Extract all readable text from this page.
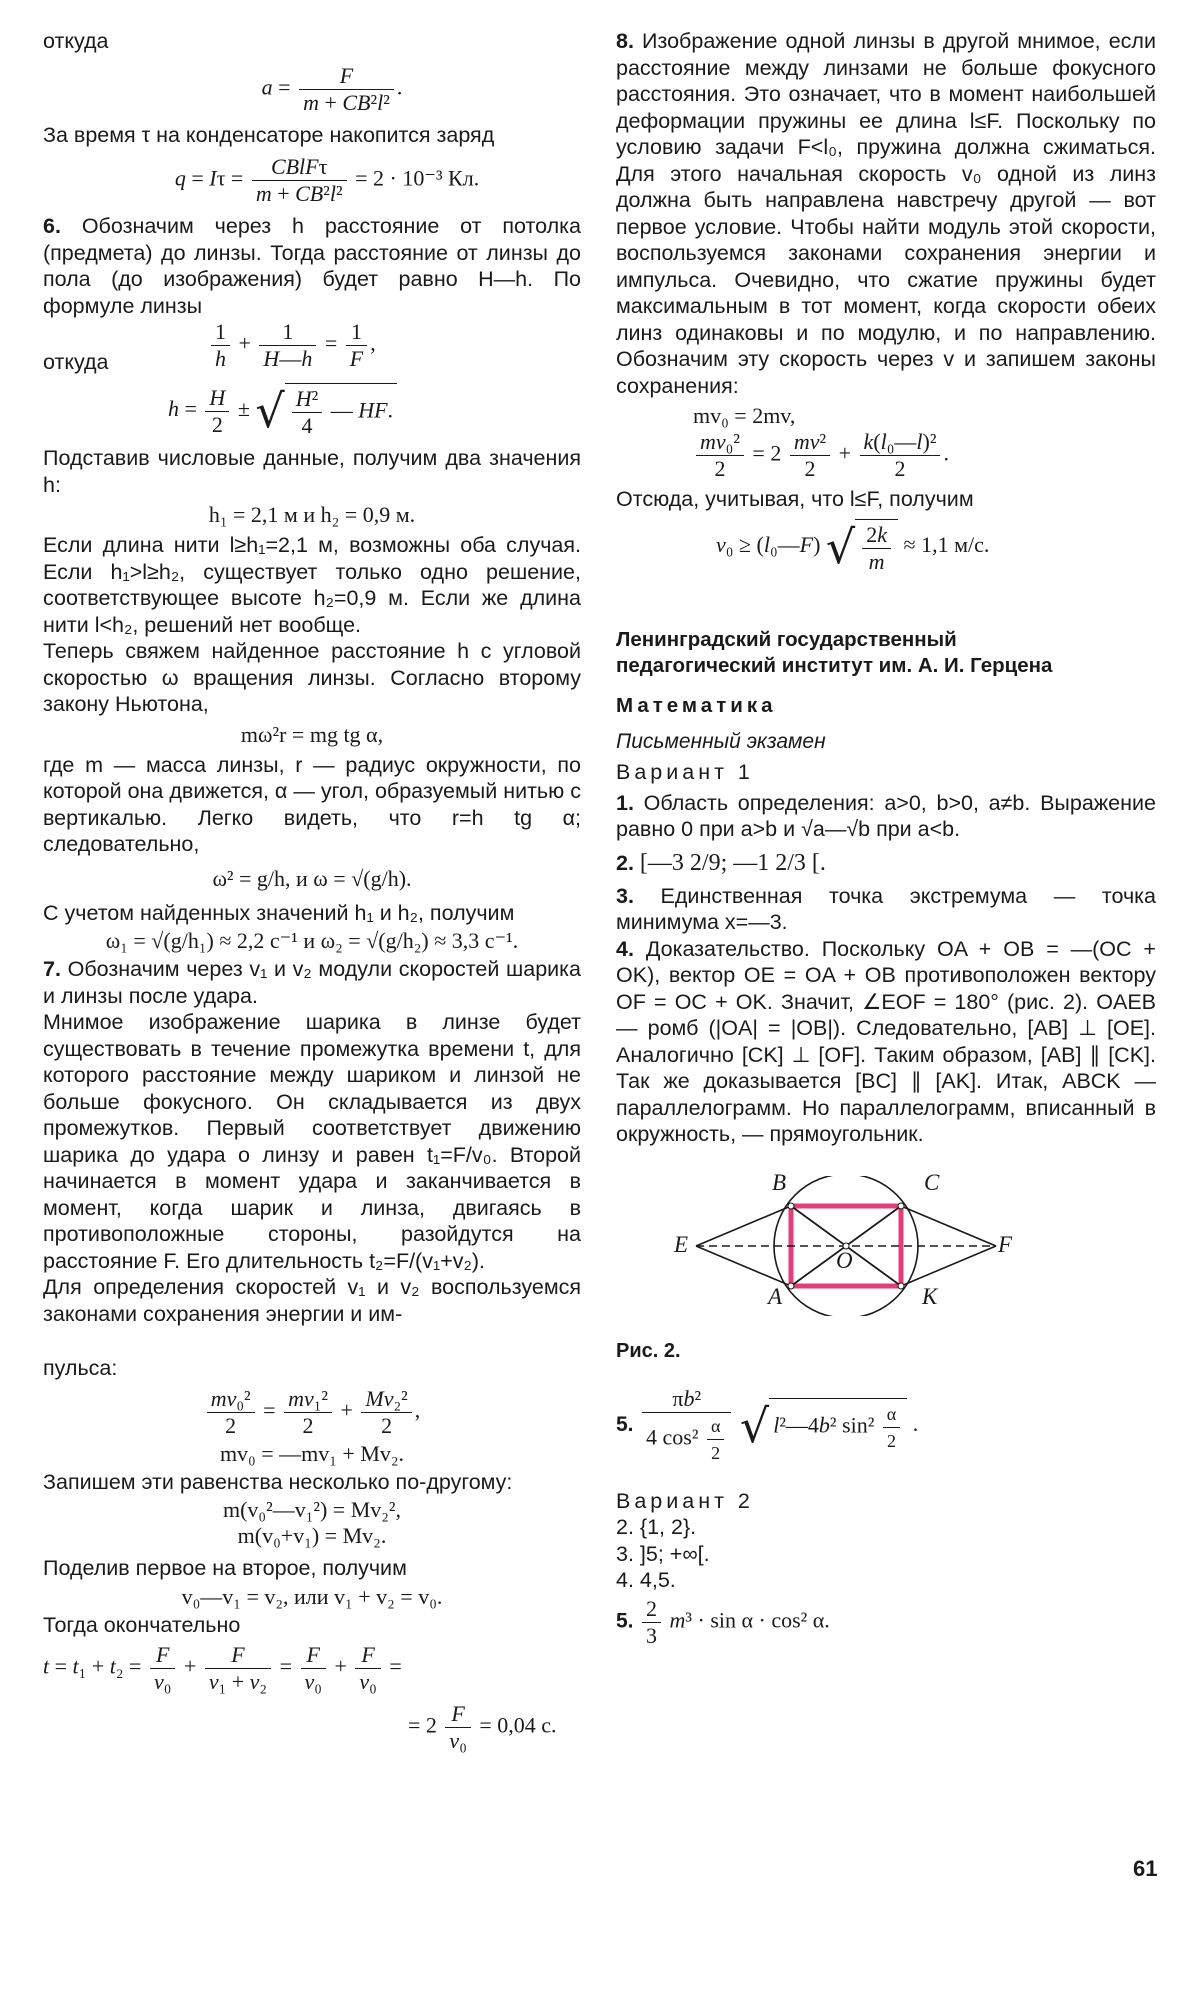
откуда

$a = \frac{F}{\text{m + CB²l²}}$ .

За время τ на конденсаторе накопится заряд

q = Iτ =	CBlFτ
m + CB²l²
= 2 · 10⁻³ Кл.

6. Обозначим через h расстояние от потолка (предмета) до линзы. Тогда расстояние от линзы до пола (до изображения) будет равно H—h. По формуле линзы

откуда	$\frac{1}{h} + \frac{1}{H—h} = \frac{1}{F}$ ,
$h = \frac{H}{2}$ ± √ $\frac{\text{H²}}{4}$ — HF.

Подставив числовые данные, получим два значения h:

h₁ = 2,1 м и h₂ = 0,9 м.

Если длина нити l≥h₁=2,1 м, возможны оба случая. Если h₁>l≥h₂, существует только одно решение, соответствующее высоте h₂=0,9 м. Если же длина нити l<h₂, решений нет вообще.

Теперь свяжем найденное расстояние h с угловой скоростью ω вращения линзы. Согласно второму закону Ньютона,

mω²r = mg tg α,

где m — масса линзы, r — радиус окружности, по которой она движется, α — угол, образуемый нитью с вертикалью. Легко видеть, что r=h tg α; следовательно,

ω² = g/h, и ω = √(g/h).

С учетом найденных значений h₁ и h₂, получим

ω₁ = √(g/h₁) ≈ 2,2 с⁻¹ и ω₂ = √(g/h₂) ≈ 3,3 с⁻¹.

7. Обозначим через v₁ и v₂ модули скоростей шарика и линзы после удара.

Мнимое изображение шарика в линзе будет существовать в течение промежутка времени t, для которого расстояние между шариком и линзой не больше фокусного. Он складывается из двух промежутков. Первый соответствует движению шарика до удара о линзу и равен t₁=F/v₀. Второй начинается в момент удара и заканчивается в момент, когда шарик и линза, двигаясь в противоположные стороны, разойдутся на расстояние F. Его длительность t₂=F/(v₁+v₂).

Для определения скоростей v₁ и v₂ воспользуемся законами сохранения энергии и им-

пульса:

$\frac{\text{mv₀²}}{2} = \frac{\text{mv₁²}}{2} + \frac{\text{Mv₂²}}{2}$ ,
mv₀ = —mv₁ + Mv₂.

Запишем эти равенства несколько по-другому:

m(v₀²—v₁²) = Mv₂²,
m(v₀+v₁) = Mv₂.

Поделив первое на второе, получим

v₀—v₁ = v₂, или v₁ + v₂ = v₀.

Тогда окончательно

$t = t_1 + t_2 = \frac{F}{\text{v₀}} + \frac{F}{\text{v₁ + v₂}} = \frac{F}{\text{v₀}} + \frac{F}{\text{v₀}}$ =
= $2 \frac{F}{\text{v₀}} = 0,04$ с.

8. Изображение одной линзы в другой мнимое, если расстояние между линзами не больше фокусного расстояния. Это означает, что в момент наибольшей деформации пружины ее длина l≤F. Поскольку по условию задачи F<l₀, пружина должна сжиматься. Для этого начальная скорость v₀ одной из линз должна быть направлена навстречу другой — вот первое условие. Чтобы найти модуль этой скорости, воспользуемся законами сохранения энергии и импульса. Очевидно, что сжатие пружины будет максимальным в тот момент, когда скорости обеих линз одинаковы и по модулю, и по направлению. Обозначим эту скорость через v и запишем законы сохранения:

mv₀ = 2mv,
$\frac{\text{mv₀²}}{2} = 2 \frac{\text{mv²}}{2} + \frac{\text{k(l₀—l)²}}{2}$ .

Отсюда, учитывая, что l≤F, получим

v₀ ≥ (l₀—F) √ $\frac{2k}{m} \approx 1,1$ м/с.

Ленинградский государственный

педагогический институт им. А. И. Герцена

Математика

Письменный экзамен

Вариант 1

1. Область определения: a>0, b>0, a≠b. Выражение равно 0 при a>b и √a—√b при a<b.

2. [—3 2/9; —1 2/3 [.

3. Единственная точка экстремума — точка минимума x=—3.

4. Доказательство. Поскольку OA + OB = —(OC + OK), вектор OE = OA + OB противоположен вектору OF = OC + OK. Значит, ∠EOF = 180° (рис. 2). OAEB — ромб (|OA| = |OB|). Следовательно, [AB] ⊥ [OE]. Аналогично [CK] ⊥ [OF]. Таким образом, [AB] ∥ [CK]. Так же доказывается [BC] ∥ [AK]. Итак, ABCK — параллелограмм. Но параллелограмм, вписанный в окружность, — прямоугольник.

B	C
E
O
F
A	K

Рис. 2.

5. $\frac{\text{πb²}}{4 \cos^2 \frac{\alpha}{2}}$ √ l²—4b² $\sin^2 \frac{\alpha}{2}$ .

Вариант 2

2. {1, 2}.

3. ]5; +∞[.

4. 4,5.

5. $\frac{2}{3} m^3 \cdot \sin \alpha \cdot \cos^2$ α.
61
